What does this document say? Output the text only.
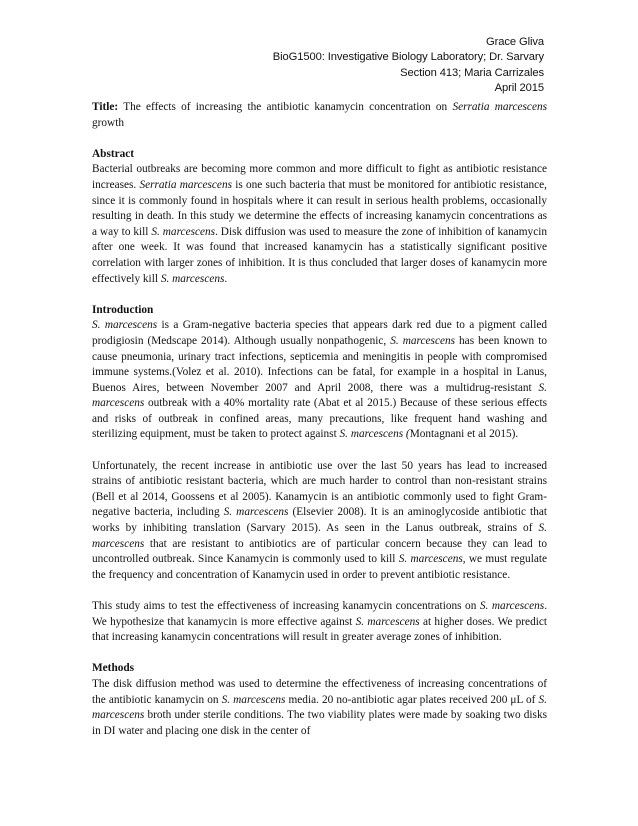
Grace Gliva
BioG1500: Investigative Biology Laboratory; Dr. Sarvary
Section 413; Maria Carrizales
April 2015

Title: The effects of increasing the antibiotic kanamycin concentration on Serratia marcescens growth

Abstract

Bacterial outbreaks are becoming more common and more difficult to fight as antibiotic resistance increases. Serratia marcescens is one such bacteria that must be monitored for antibiotic resistance, since it is commonly found in hospitals where it can result in serious health problems, occasionally resulting in death. In this study we determine the effects of increasing kanamycin concentrations as a way to kill S. marcescens. Disk diffusion was used to measure the zone of inhibition of kanamycin after one week. It was found that increased kanamycin has a statistically significant positive correlation with larger zones of inhibition. It is thus concluded that larger doses of kanamycin more effectively kill S. marcescens.

Introduction

S. marcescens is a Gram-negative bacteria species that appears dark red due to a pigment called prodigiosin (Medscape 2014). Although usually nonpathogenic, S. marcescens has been known to cause pneumonia, urinary tract infections, septicemia and meningitis in people with compromised immune systems.(Volez et al. 2010). Infections can be fatal, for example in a hospital in Lanus, Buenos Aires, between November 2007 and April 2008, there was a multidrug-resistant S. marcescens outbreak with a 40% mortality rate (Abat et al 2015.) Because of these serious effects and risks of outbreak in confined areas, many precautions, like frequent hand washing and sterilizing equipment, must be taken to protect against S. marcescens (Montagnani et al 2015).

Unfortunately, the recent increase in antibiotic use over the last 50 years has lead to increased strains of antibiotic resistant bacteria, which are much harder to control than non-resistant strains (Bell et al 2014, Goossens et al 2005). Kanamycin is an antibiotic commonly used to fight Gram-negative bacteria, including S. marcescens (Elsevier 2008). It is an aminoglycoside antibiotic that works by inhibiting translation (Sarvary 2015). As seen in the Lanus outbreak, strains of S. marcescens that are resistant to antibiotics are of particular concern because they can lead to uncontrolled outbreak. Since Kanamycin is commonly used to kill S. marcescens, we must regulate the frequency and concentration of Kanamycin used in order to prevent antibiotic resistance.

This study aims to test the effectiveness of increasing kanamycin concentrations on S. marcescens. We hypothesize that kanamycin is more effective against S. marcescens at higher doses. We predict that increasing kanamycin concentrations will result in greater average zones of inhibition.

Methods

The disk diffusion method was used to determine the effectiveness of increasing concentrations of the antibiotic kanamycin on S. marcescens media. 20 no-antibiotic agar plates received 200 μL of S. marcescens broth under sterile conditions. The two viability plates were made by soaking two disks in DI water and placing one disk in the center of
